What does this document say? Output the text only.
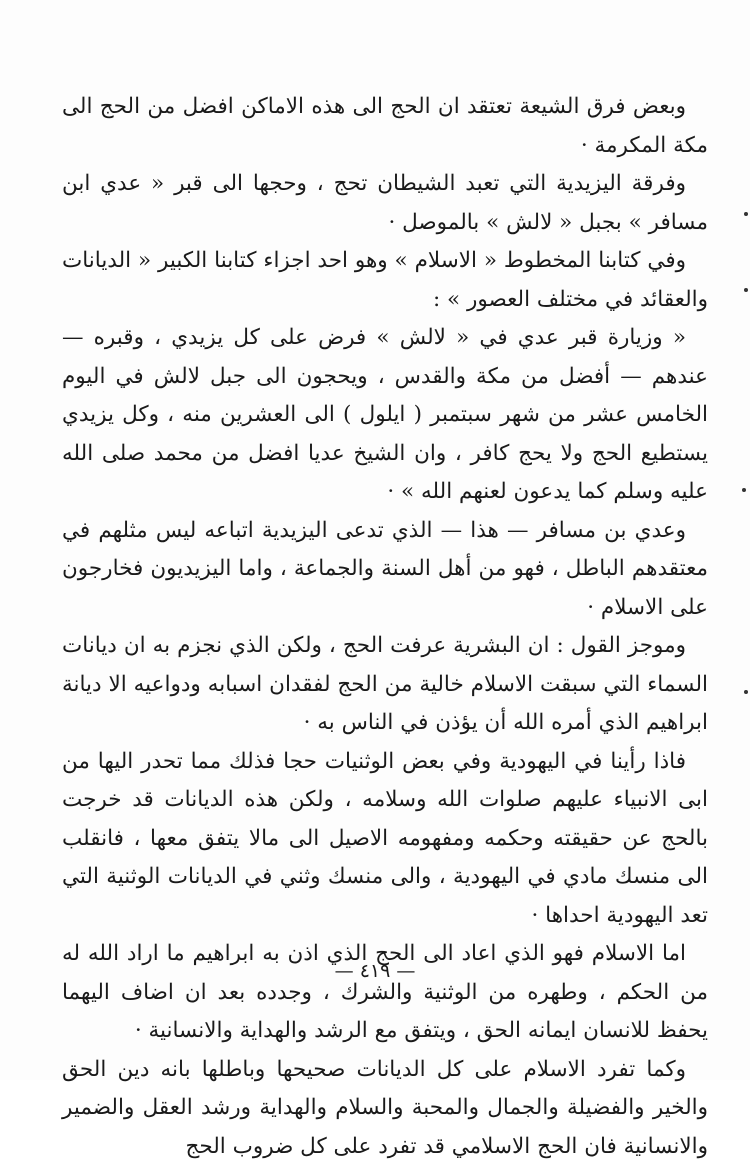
وبعض فرق الشيعة تعتقد ان الحج الى هذه الاماكن افضل من الحج الى مكة المكرمة ·

وفرقة اليزيدية التي تعبد الشيطان تحج ، وحجها الى قبر « عدي ابن مسافر » بجبل « لالش » بالموصل ·

وفي كتابنا المخطوط « الاسلام » وهو احد اجزاء كتابنا الكبير « الديانات والعقائد في مختلف العصور » :

« وزيارة قبر عدي في « لالش » فرض على كل يزيدي ، وقبره — عندهم — أفضل من مكة والقدس ، ويحجون الى جبل لالش في اليوم الخامس عشر من شهر سبتمبر ( ايلول ) الى العشرين منه ، وكل يزيدي يستطيع الحج ولا يحج كافر ، وان الشيخ عديا افضل من محمد صلى الله عليه وسلم كما يدعون لعنهم الله » ·

وعدي بن مسافر — هذا — الذي تدعى اليزيدية اتباعه ليس مثلهم في معتقدهم الباطل ، فهو من أهل السنة والجماعة ، واما اليزيديون فخارجون على الاسلام ·

وموجز القول : ان البشرية عرفت الحج ، ولكن الذي نجزم به ان ديانات السماء التي سبقت الاسلام خالية من الحج لفقدان اسبابه ودواعيه الا ديانة ابراهيم الذي أمره الله أن يؤذن في الناس به ·

فاذا رأينا في اليهودية وفي بعض الوثنيات حجا فذلك مما تحدر اليها من ابى الانبياء عليهم صلوات الله وسلامه ، ولكن هذه الديانات قد خرجت بالحج عن حقيقته وحكمه ومفهومه الاصيل الى مالا يتفق معها ، فانقلب الى منسك مادي في اليهودية ، والى منسك وثني في الديانات الوثنية التي تعد اليهودية احداها ·

اما الاسلام فهو الذي اعاد الى الحج الذي اذن به ابراهيم ما اراد الله له من الحكم ، وطهره من الوثنية والشرك ، وجدده بعد ان اضاف اليهما يحفظ للانسان ايمانه الحق ، ويتفق مع الرشد والهداية والانسانية ·

وكما تفرد الاسلام على كل الديانات صحيحها وباطلها بانه دين الحق والخير والفضيلة والجمال والمحبة والسلام والهداية ورشد العقل والضمير والانسانية فان الحج الاسلامي قد تفرد على كل ضروب الحج

— ٤١٩ —
